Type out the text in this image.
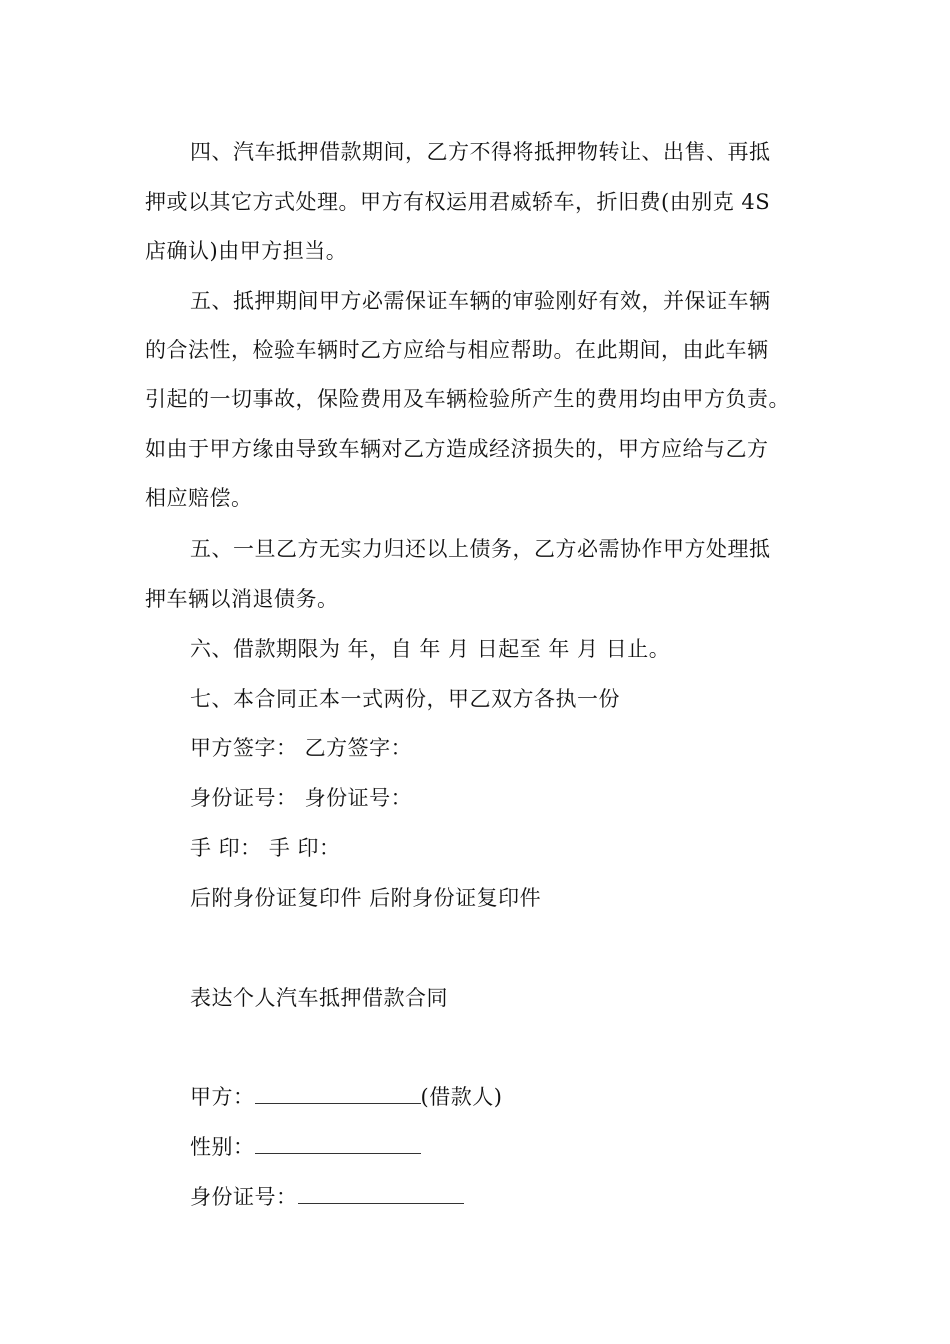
四、汽车抵押借款期间，乙方不得将抵押物转让、出售、再抵
押或以其它方式处理。甲方有权运用君威轿车，折旧费(由别克 4S
店确认)由甲方担当。
五、抵押期间甲方必需保证车辆的审验刚好有效，并保证车辆
的合法性，检验车辆时乙方应给与相应帮助。在此期间，由此车辆
引起的一切事故，保险费用及车辆检验所产生的费用均由甲方负责。
如由于甲方缘由导致车辆对乙方造成经济损失的，甲方应给与乙方
相应赔偿。
五、一旦乙方无实力归还以上债务，乙方必需协作甲方处理抵
押车辆以消退债务。
六、借款期限为 年，自 年 月 日起至 年 月 日止。
七、本合同正本一式两份，甲乙双方各执一份
甲方签字： 乙方签字：
身份证号： 身份证号：
手 印： 手 印：
后附身份证复印件 后附身份证复印件
表达个人汽车抵押借款合同
甲方：	(借款人)
性别：
身份证号：
